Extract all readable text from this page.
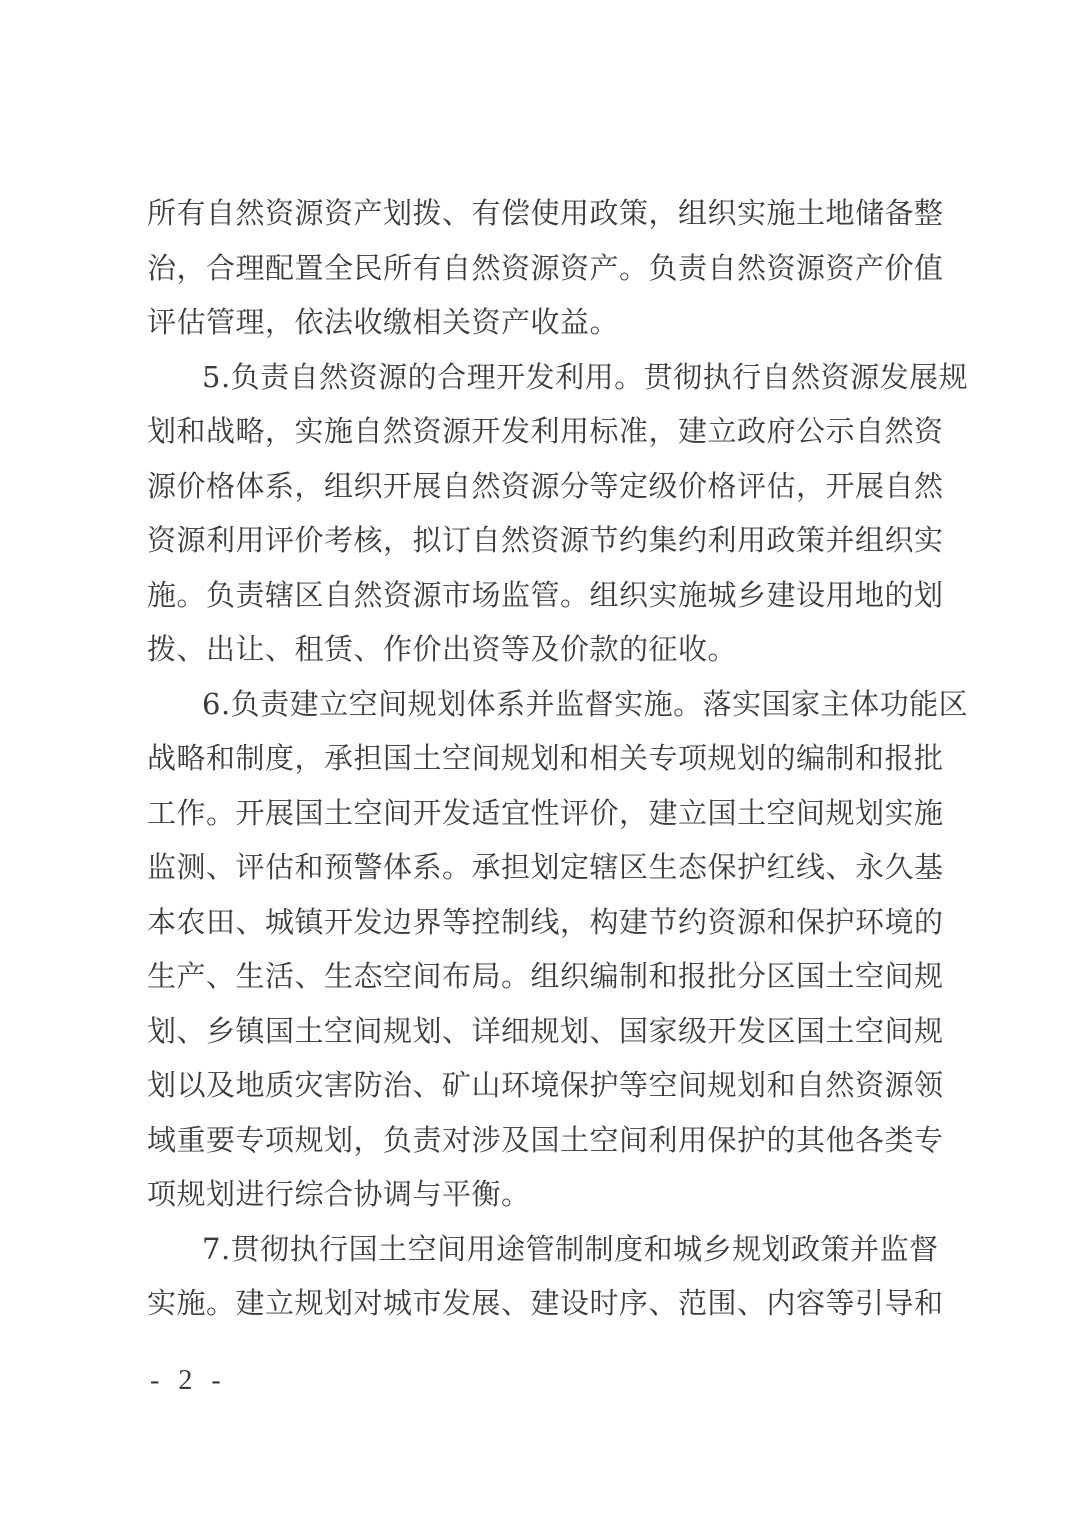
所有自然资源资产划拨、有偿使用政策，组织实施土地储备整
治，合理配置全民所有自然资源资产。负责自然资源资产价值
评估管理，依法收缴相关资产收益。
5.负责自然资源的合理开发利用。贯彻执行自然资源发展规
划和战略，实施自然资源开发利用标准，建立政府公示自然资
源价格体系，组织开展自然资源分等定级价格评估，开展自然
资源利用评价考核，拟订自然资源节约集约利用政策并组织实
施。负责辖区自然资源市场监管。组织实施城乡建设用地的划
拨、出让、租赁、作价出资等及价款的征收。
6.负责建立空间规划体系并监督实施。落实国家主体功能区
战略和制度，承担国土空间规划和相关专项规划的编制和报批
工作。开展国土空间开发适宜性评价，建立国土空间规划实施
监测、评估和预警体系。承担划定辖区生态保护红线、永久基
本农田、城镇开发边界等控制线，构建节约资源和保护环境的
生产、生活、生态空间布局。组织编制和报批分区国土空间规
划、乡镇国土空间规划、详细规划、国家级开发区国土空间规
划以及地质灾害防治、矿山环境保护等空间规划和自然资源领
域重要专项规划，负责对涉及国土空间利用保护的其他各类专
项规划进行综合协调与平衡。
7.贯彻执行国土空间用途管制制度和城乡规划政策并监督
实施。建立规划对城市发展、建设时序、范围、内容等引导和
- 2 -
